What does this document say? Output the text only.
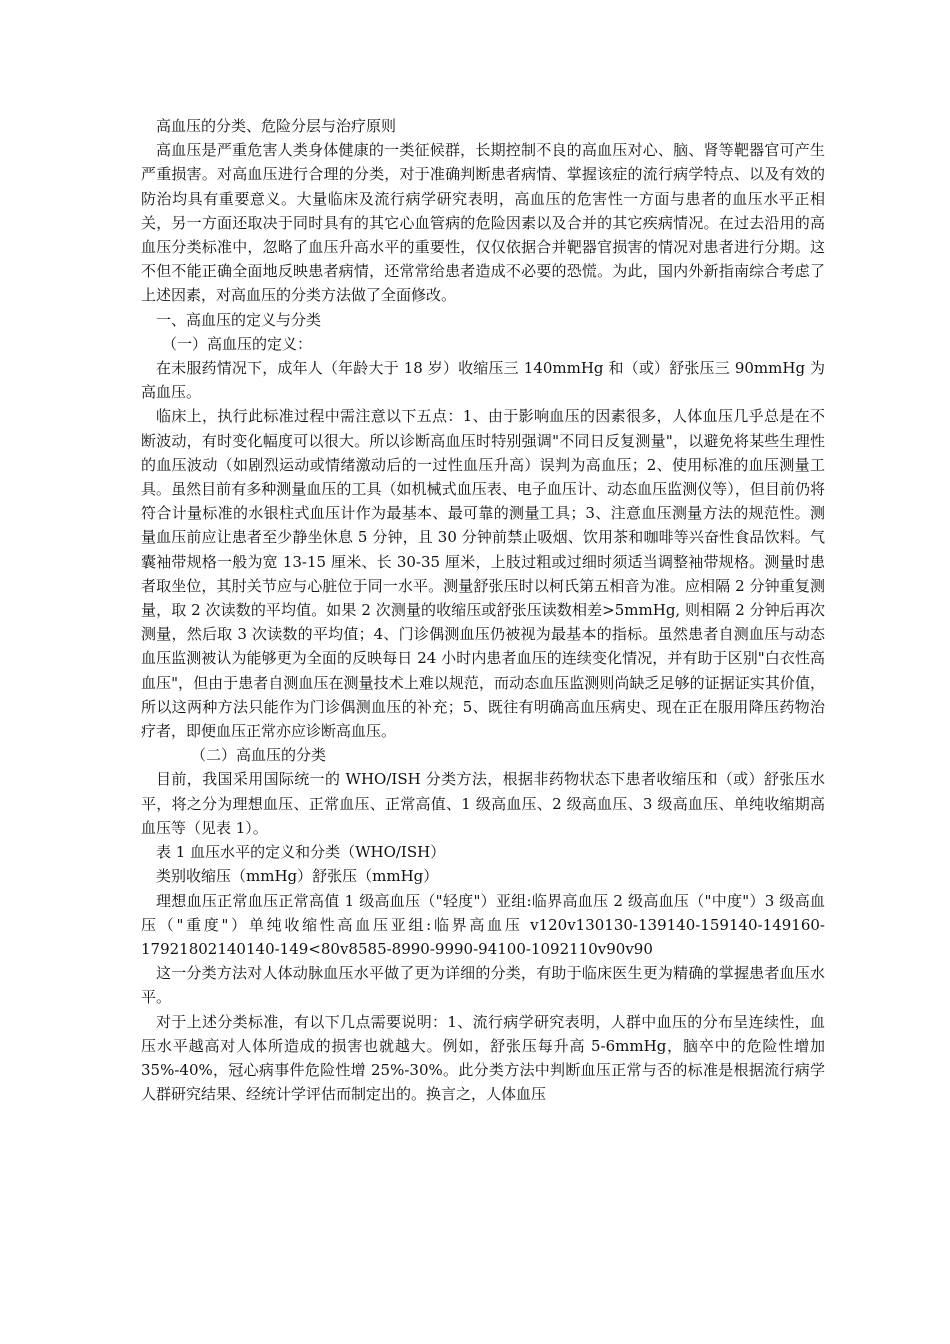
高血压的分类、危险分层与治疗原则

高血压是严重危害人类身体健康的一类征候群，长期控制不良的高血压对心、脑、肾等靶器官可产生严重损害。对高血压进行合理的分类，对于准确判断患者病情、掌握该症的流行病学特点、以及有效的防治均具有重要意义。大量临床及流行病学研究表明，高血压的危害性一方面与患者的血压水平正相关，另一方面还取决于同时具有的其它心血管病的危险因素以及合并的其它疾病情况。在过去沿用的高血压分类标准中，忽略了血压升高水平的重要性，仅仅依据合并靶器官损害的情况对患者进行分期。这不但不能正确全面地反映患者病情，还常常给患者造成不必要的恐慌。为此，国内外新指南综合考虑了上述因素，对高血压的分类方法做了全面修改。

一、高血压的定义与分类

（一）高血压的定义：

在未服药情况下，成年人（年龄大于 18 岁）收缩压三 140mmHg 和（或）舒张压三 90mmHg 为高血压。

临床上，执行此标准过程中需注意以下五点：1、由于影响血压的因素很多，人体血压几乎总是在不断波动，有时变化幅度可以很大。所以诊断高血压时特别强调"不同日反复测量"，以避免将某些生理性的血压波动（如剧烈运动或情绪激动后的一过性血压升高）误判为高血压；2、使用标准的血压测量工具。虽然目前有多种测量血压的工具（如机械式血压表、电子血压计、动态血压监测仪等），但目前仍将符合计量标准的水银柱式血压计作为最基本、最可靠的测量工具；3、注意血压测量方法的规范性。测量血压前应让患者至少静坐休息 5 分钟，且 30 分钟前禁止吸烟、饮用茶和咖啡等兴奋性食品饮料。气囊袖带规格一般为宽 13-15 厘米、长 30-35 厘米，上肢过粗或过细时须适当调整袖带规格。测量时患者取坐位，其肘关节应与心脏位于同一水平。测量舒张压时以柯氏第五相音为准。应相隔 2 分钟重复测量，取 2 次读数的平均值。如果 2 次测量的收缩压或舒张压读数相差>5mmHg, 则相隔 2 分钟后再次测量，然后取 3 次读数的平均值；4、门诊偶测血压仍被视为最基本的指标。虽然患者自测血压与动态血压监测被认为能够更为全面的反映每日 24 小时内患者血压的连续变化情况，并有助于区别"白衣性高血压"，但由于患者自测血压在测量技术上难以规范，而动态血压监测则尚缺乏足够的证据证实其价值，所以这两种方法只能作为门诊偶测血压的补充；5、既往有明确高血压病史、现在正在服用降压药物治疗者，即便血压正常亦应诊断高血压。

（二）高血压的分类

目前，我国采用国际统一的 WHO/ISH 分类方法，根据非药物状态下患者收缩压和（或）舒张压水平，将之分为理想血压、正常血压、正常高值、1 级高血压、2 级高血压、3 级高血压、单纯收缩期高血压等（见表 1）。

表 1 血压水平的定义和分类（WHO/ISH）

类别收缩压（mmHg）舒张压（mmHg）

理想血压正常血压正常高值 1 级高血压（"轻度"）亚组:临界高血压 2 级高血压（"中度"）3 级高血压（"重度"）单纯收缩性高血压亚组:临界高血压 v120v130130-139140-159140-149160-17921802140140-149<80v8585-8990-9990-94100-1092110v90v90

这一分类方法对人体动脉血压水平做了更为详细的分类，有助于临床医生更为精确的掌握患者血压水平。

对于上述分类标准，有以下几点需要说明：1、流行病学研究表明，人群中血压的分布呈连续性，血压水平越高对人体所造成的损害也就越大。例如，舒张压每升高 5-6mmHg，脑卒中的危险性增加 35%-40%，冠心病事件危险性增 25%-30%。此分类方法中判断血压正常与否的标准是根据流行病学人群研究结果、经统计学评估而制定出的。换言之，人体血压
